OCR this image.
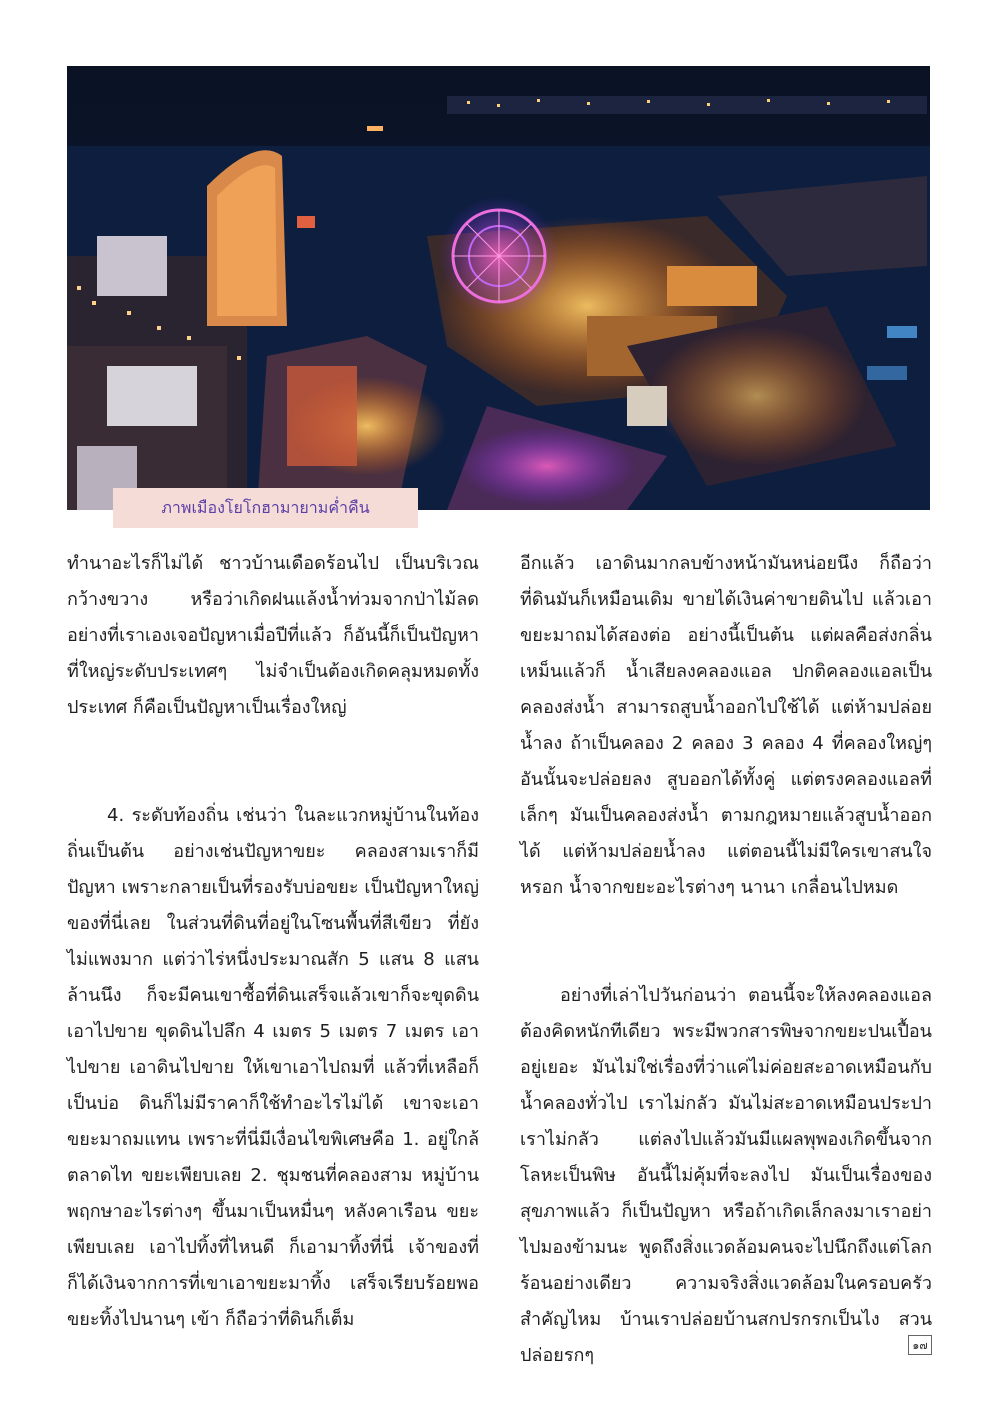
ภาพเมืองโยโกฮามายามค่ำคืน

ทำนาอะไรก็ไม่ได้ ชาวบ้านเดือดร้อนไป เป็นบริเวณกว้างขวาง หรือว่าเกิดฝนแล้งน้ำท่วมจากป่าไม้ลด อย่างที่เราเองเจอปัญหาเมื่อปีที่แล้ว ก็อันนี้ก็เป็นปัญหาที่ใหญ่ระดับประเทศๆ ไม่จำเป็นต้องเกิดคลุมหมดทั้งประเทศ ก็คือเป็นปัญหาเป็นเรื่องใหญ่

4. ระดับท้องถิ่น เช่นว่า ในละแวกหมู่บ้านในท้องถิ่นเป็นต้น อย่างเช่นปัญหาขยะ คลองสามเราก็มีปัญหา เพราะกลายเป็นที่รองรับบ่อขยะ เป็นปัญหาใหญ่ของที่นี่เลย ในส่วนที่ดินที่อยู่ในโซนพื้นที่สีเขียว ที่ยังไม่แพงมาก แต่ว่าไร่หนึ่งประมาณสัก 5 แสน 8 แสน ล้านนึง ก็จะมีคนเขาซื้อที่ดินเสร็จแล้วเขาก็จะขุดดินเอาไปขาย ขุดดินไปลึก 4 เมตร 5 เมตร 7 เมตร เอาไปขาย เอาดินไปขาย ให้เขาเอาไปถมที่ แล้วที่เหลือก็เป็นบ่อ ดินก็ไม่มีราคาก็ใช้ทำอะไรไม่ได้ เขาจะเอาขยะมาถมแทน เพราะที่นี่มีเงื่อนไขพิเศษคือ 1. อยู่ใกล้ตลาดไท ขยะเพียบเลย 2. ชุมชนที่คลองสาม หมู่บ้านพฤกษาอะไรต่างๆ ขึ้นมาเป็นหมื่นๆ หลังคาเรือน ขยะเพียบเลย เอาไปทิ้งที่ไหนดี ก็เอามาทิ้งที่นี่ เจ้าของที่ก็ได้เงินจากการที่เขาเอาขยะมาทิ้ง เสร็จเรียบร้อยพอขยะทิ้งไปนานๆ เข้า ก็ถือว่าที่ดินก็เต็ม

อีกแล้ว เอาดินมากลบข้างหน้ามันหน่อยนึง ก็ถือว่าที่ดินมันก็เหมือนเดิม ขายได้เงินค่าขายดินไป แล้วเอาขยะมาถมได้สองต่อ อย่างนี้เป็นต้น แต่ผลคือส่งกลิ่นเหม็นแล้วก็ น้ำเสียลงคลองแอล ปกติคลองแอลเป็นคลองส่งน้ำ สามารถสูบน้ำออกไปใช้ได้ แต่ห้ามปล่อยน้ำลง ถ้าเป็นคลอง 2 คลอง 3 คลอง 4 ที่คลองใหญ่ๆ อันนั้นจะปล่อยลง สูบออกได้ทั้งคู่ แต่ตรงคลองแอลที่เล็กๆ มันเป็นคลองส่งน้ำ ตามกฎหมายแล้วสูบน้ำออกได้ แต่ห้ามปล่อยน้ำลง แต่ตอนนี้ไม่มีใครเขาสนใจหรอก น้ำจากขยะอะไรต่างๆ นานา เกลื่อนไปหมด

อย่างที่เล่าไปวันก่อนว่า ตอนนี้จะให้ลงคลองแอลต้องคิดหนักทีเดียว พระมีพวกสารพิษจากขยะปนเปื้อนอยู่เยอะ มันไม่ใช่เรื่องที่ว่าแค่ไม่ค่อยสะอาดเหมือนกับน้ำคลองทั่วไป เราไม่กลัว มันไม่สะอาดเหมือนประปา เราไม่กลัว แต่ลงไปแล้วมันมีแผลพุพองเกิดขึ้นจากโลหะเป็นพิษ อันนี้ไม่คุ้มที่จะลงไป มันเป็นเรื่องของสุขภาพแล้ว ก็เป็นปัญหา หรือถ้าเกิดเล็กลงมาเราอย่าไปมองข้ามนะ พูดถึงสิ่งแวดล้อมคนจะไปนึกถึงแต่โลกร้อนอย่างเดียว ความจริงสิ่งแวดล้อมในครอบครัวสำคัญไหม บ้านเราปล่อยบ้านสกปรกรกเป็นไง สวนปล่อยรกๆ	๑๗
